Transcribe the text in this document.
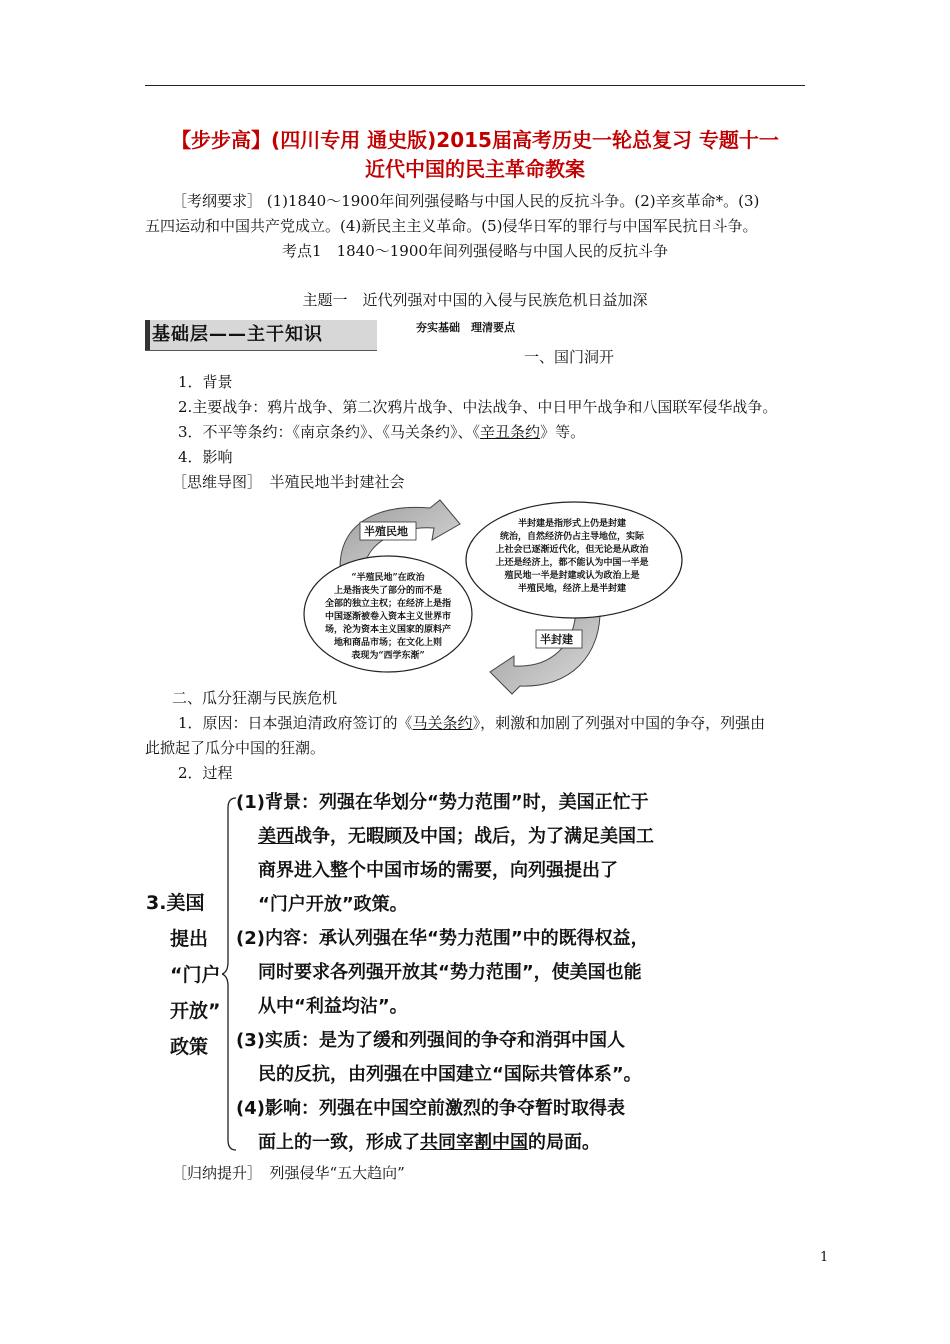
【步步高】(四川专用 通史版)2015届高考历史一轮总复习 专题十一
近代中国的民主革命教案
［考纲要求］ (1)1840～1900年间列强侵略与中国人民的反抗斗争。(2)辛亥革命*。(3)
五四运动和中国共产党成立。(4)新民主主义革命。(5)侵华日军的罪行与中国军民抗日斗争。
考点1　1840～1900年间列强侵略与中国人民的反抗斗争
主题一　近代列强对中国的入侵与民族危机日益加深
基础层——主干知识	夯实基础　理清要点
一、国门洞开
1．背景
2.主要战争：鸦片战争、第二次鸦片战争、中法战争、中日甲午战争和八国联军侵华战争。
3．不平等条约：《南京条约》、《马关条约》、《辛丑条约》等。
4．影响
［思维导图］　半殖民地半封建社会
半殖民地
半封建
“半殖民地”在政治
上是指丧失了部分的而不是
全部的独立主权；在经济上是指
中国逐渐被卷入资本主义世界市
场，沦为资本主义国家的原料产
地和商品市场；在文化上则
表现为“西学东渐”
半封建是指形式上仍是封建
统治，自然经济仍占主导地位，实际
上社会已逐渐近代化，但无论是从政治
上还是经济上，都不能认为中国一半是
殖民地一半是封建或认为政治上是
半殖民地，经济上是半封建
二、瓜分狂潮与民族危机
1．原因：日本强迫清政府签订的《马关条约》，刺激和加剧了列强对中国的争夺，列强由
此掀起了瓜分中国的狂潮。
2．过程
3.美国
提出
“门户
开放”
政策
(1)背景：列强在华划分“势力范围”时，美国正忙于
美西战争，无暇顾及中国；战后，为了满足美国工
商界进入整个中国市场的需要，向列强提出了
“门户开放”政策。
(2)内容：承认列强在华“势力范围”中的既得权益，
同时要求各列强开放其“势力范围”，使美国也能
从中“利益均沾”。
(3)实质：是为了缓和列强间的争夺和消弭中国人
民的反抗，由列强在中国建立“国际共管体系”。
(4)影响：列强在中国空前激烈的争夺暂时取得表
面上的一致，形成了共同宰割中国的局面。
［归纳提升］　列强侵华“五大趋向”
1
